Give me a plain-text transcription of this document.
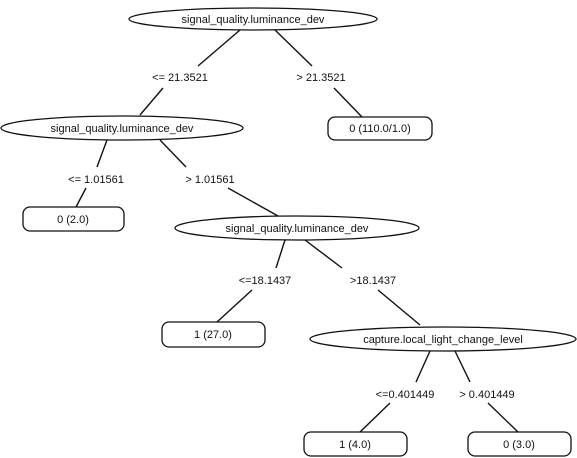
<= 21.3521	> 21.3521
<= 1.01561	> 1.01561
<=18.1437	>18.1437
<=0.401449 > 0.401449
signal_quality.luminance_dev
signal_quality.luminance_dev
signal_quality.luminance_dev
capture.local_light_change_level
0 (110.0/1.0)
0 (2.0)
1 (27.0)
1 (4.0)	0 (3.0)
